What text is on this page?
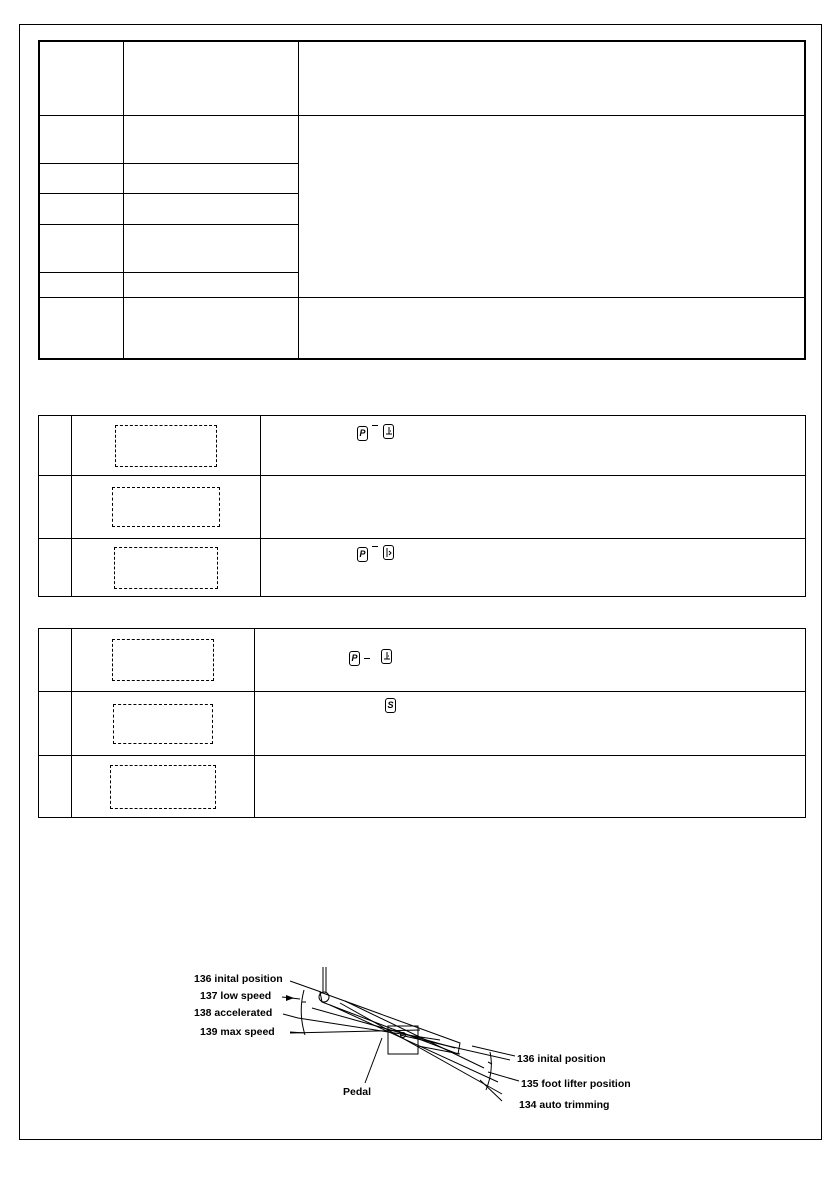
		P

		P

		P

		S

136 inital position
137 low speed
138 accelerated
139 max speed
Pedal
136 inital position
135 foot lifter position
134 auto trimming
